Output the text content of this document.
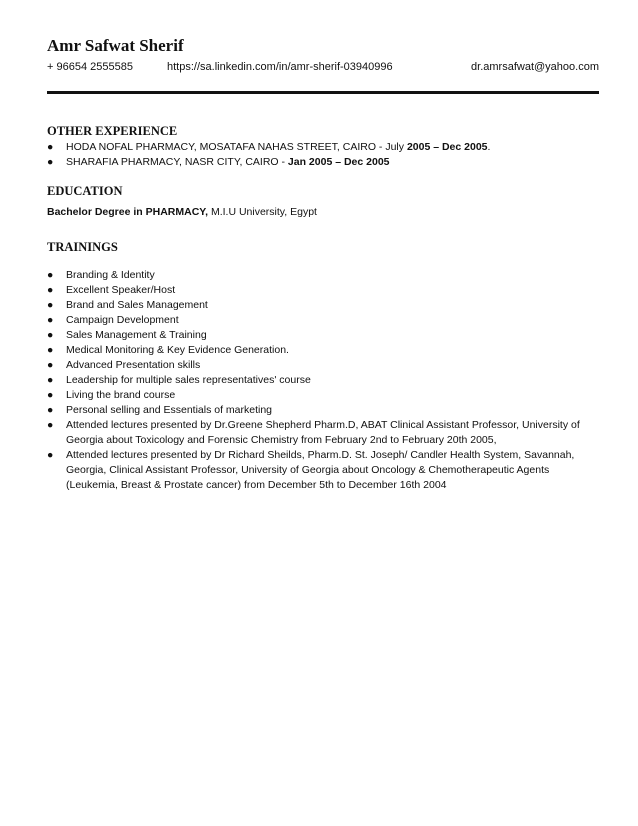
Amr Safwat Sherif
+ 96654 2555585	https://sa.linkedin.com/in/amr-sherif-03940996	dr.amrsafwat@yahoo.com
OTHER EXPERIENCE
● HODA NOFAL PHARMACY, MOSATAFA NAHAS STREET, CAIRO - July 2005 – Dec 2005.
● SHARAFIA PHARMACY, NASR CITY, CAIRO - Jan 2005 – Dec 2005
EDUCATION
Bachelor Degree in PHARMACY, M.I.U University, Egypt
TRAININGS
● Branding & Identity
● Excellent Speaker/Host
● Brand and Sales Management
● Campaign Development
● Sales Management & Training
● Medical Monitoring & Key Evidence Generation.
● Advanced Presentation skills
● Leadership for multiple sales representatives' course
● Living the brand course
● Personal selling and Essentials of marketing
● Attended lectures presented by Dr.Greene Shepherd Pharm.D, ABAT Clinical Assistant Professor, University of Georgia about Toxicology and Forensic Chemistry from February 2nd to February 20th 2005,
● Attended lectures presented by Dr Richard Sheilds, Pharm.D. St. Joseph/ Candler Health System, Savannah, Georgia, Clinical Assistant Professor, University of Georgia about Oncology & Chemotherapeutic Agents (Leukemia, Breast & Prostate cancer) from December 5th to December 16th 2004
